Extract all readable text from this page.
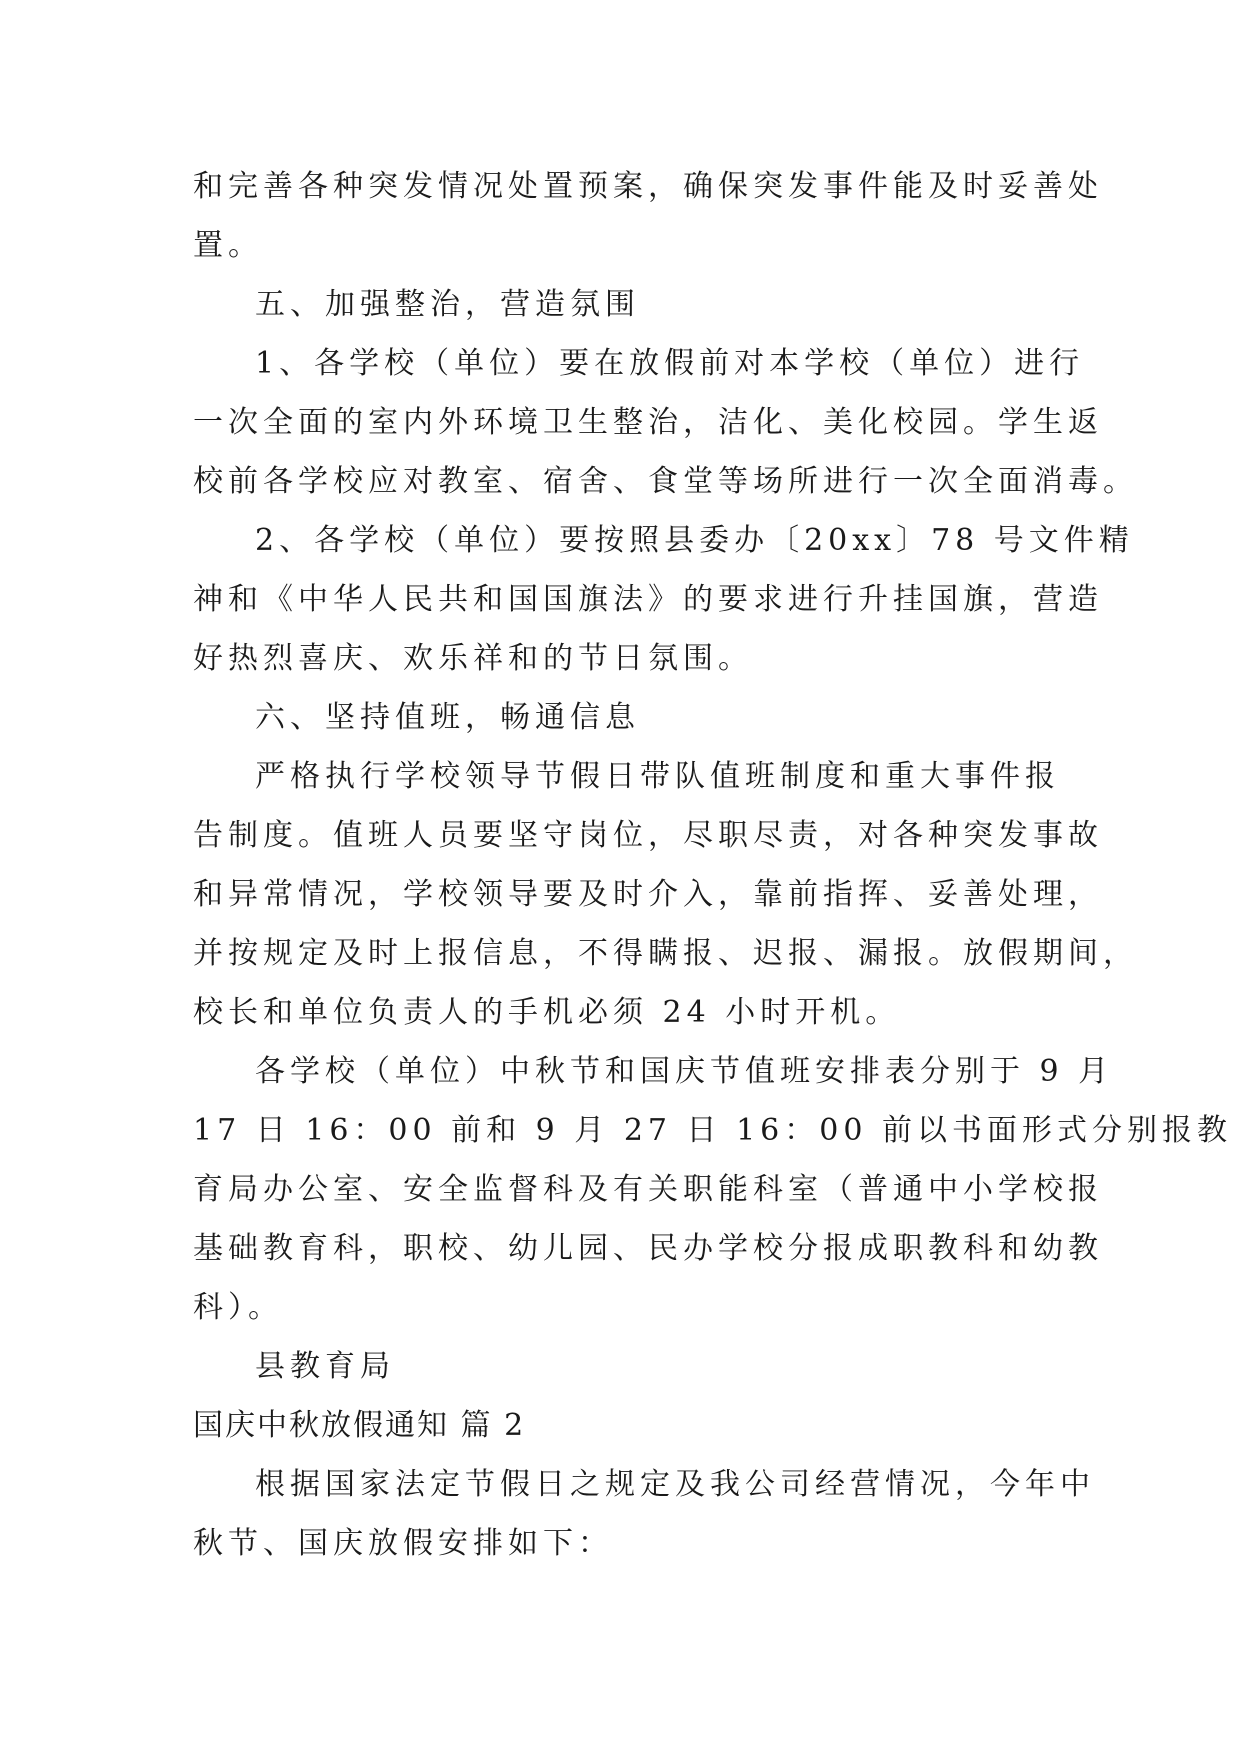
和完善各种突发情况处置预案，确保突发事件能及时妥善处
置。
五、加强整治，营造氛围
1、各学校（单位）要在放假前对本学校（单位）进行
一次全面的室内外环境卫生整治，洁化、美化校园。学生返
校前各学校应对教室、宿舍、食堂等场所进行一次全面消毒。
2、各学校（单位）要按照县委办〔20xx〕78 号文件精
神和《中华人民共和国国旗法》的要求进行升挂国旗，营造
好热烈喜庆、欢乐祥和的节日氛围。
六、坚持值班，畅通信息
严格执行学校领导节假日带队值班制度和重大事件报
告制度。值班人员要坚守岗位，尽职尽责，对各种突发事故
和异常情况，学校领导要及时介入，靠前指挥、妥善处理，
并按规定及时上报信息，不得瞒报、迟报、漏报。放假期间，
校长和单位负责人的手机必须 24 小时开机。
各学校（单位）中秋节和国庆节值班安排表分别于 9 月
17 日 16：00 前和 9 月 27 日 16：00 前以书面形式分别报教
育局办公室、安全监督科及有关职能科室（普通中小学校报
基础教育科，职校、幼儿园、民办学校分报成职教科和幼教
科）。
县教育局
国庆中秋放假通知 篇 2
根据国家法定节假日之规定及我公司经营情况，今年中
秋节、国庆放假安排如下：
